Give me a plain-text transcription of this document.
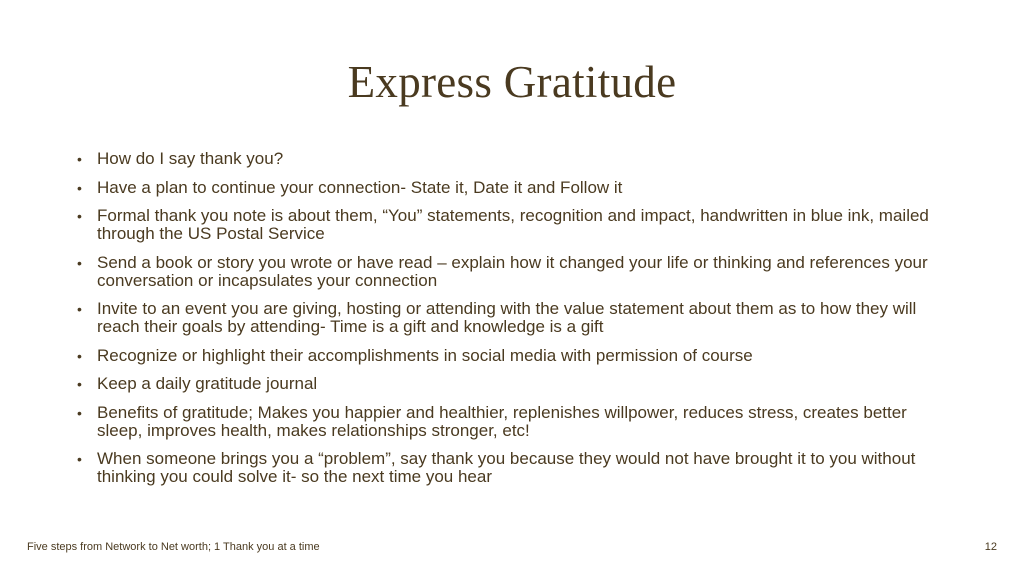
Express Gratitude
• How do I say thank you?
• Have a plan to continue your connection- State it, Date it and Follow it
• Formal thank you note is about them, “You” statements, recognition and impact, handwritten in blue ink, mailed through the US Postal Service
• Send a book or story you wrote or have read – explain how it changed your life or thinking and references your conversation or incapsulates your connection
• Invite to an event you are giving, hosting or attending with the value statement about them as to how they will reach their goals by attending- Time is a gift and knowledge is a gift
• Recognize or highlight their accomplishments in social media with permission of course
• Keep a daily gratitude journal
• Benefits of gratitude; Makes you happier and healthier, replenishes willpower, reduces stress, creates better sleep, improves health, makes relationships stronger, etc!
• When someone brings you a “problem”, say thank you because they would not have brought it to you without thinking you could solve it- so the next time you hear
Five steps from Network to Net worth; 1 Thank you at a time	12
